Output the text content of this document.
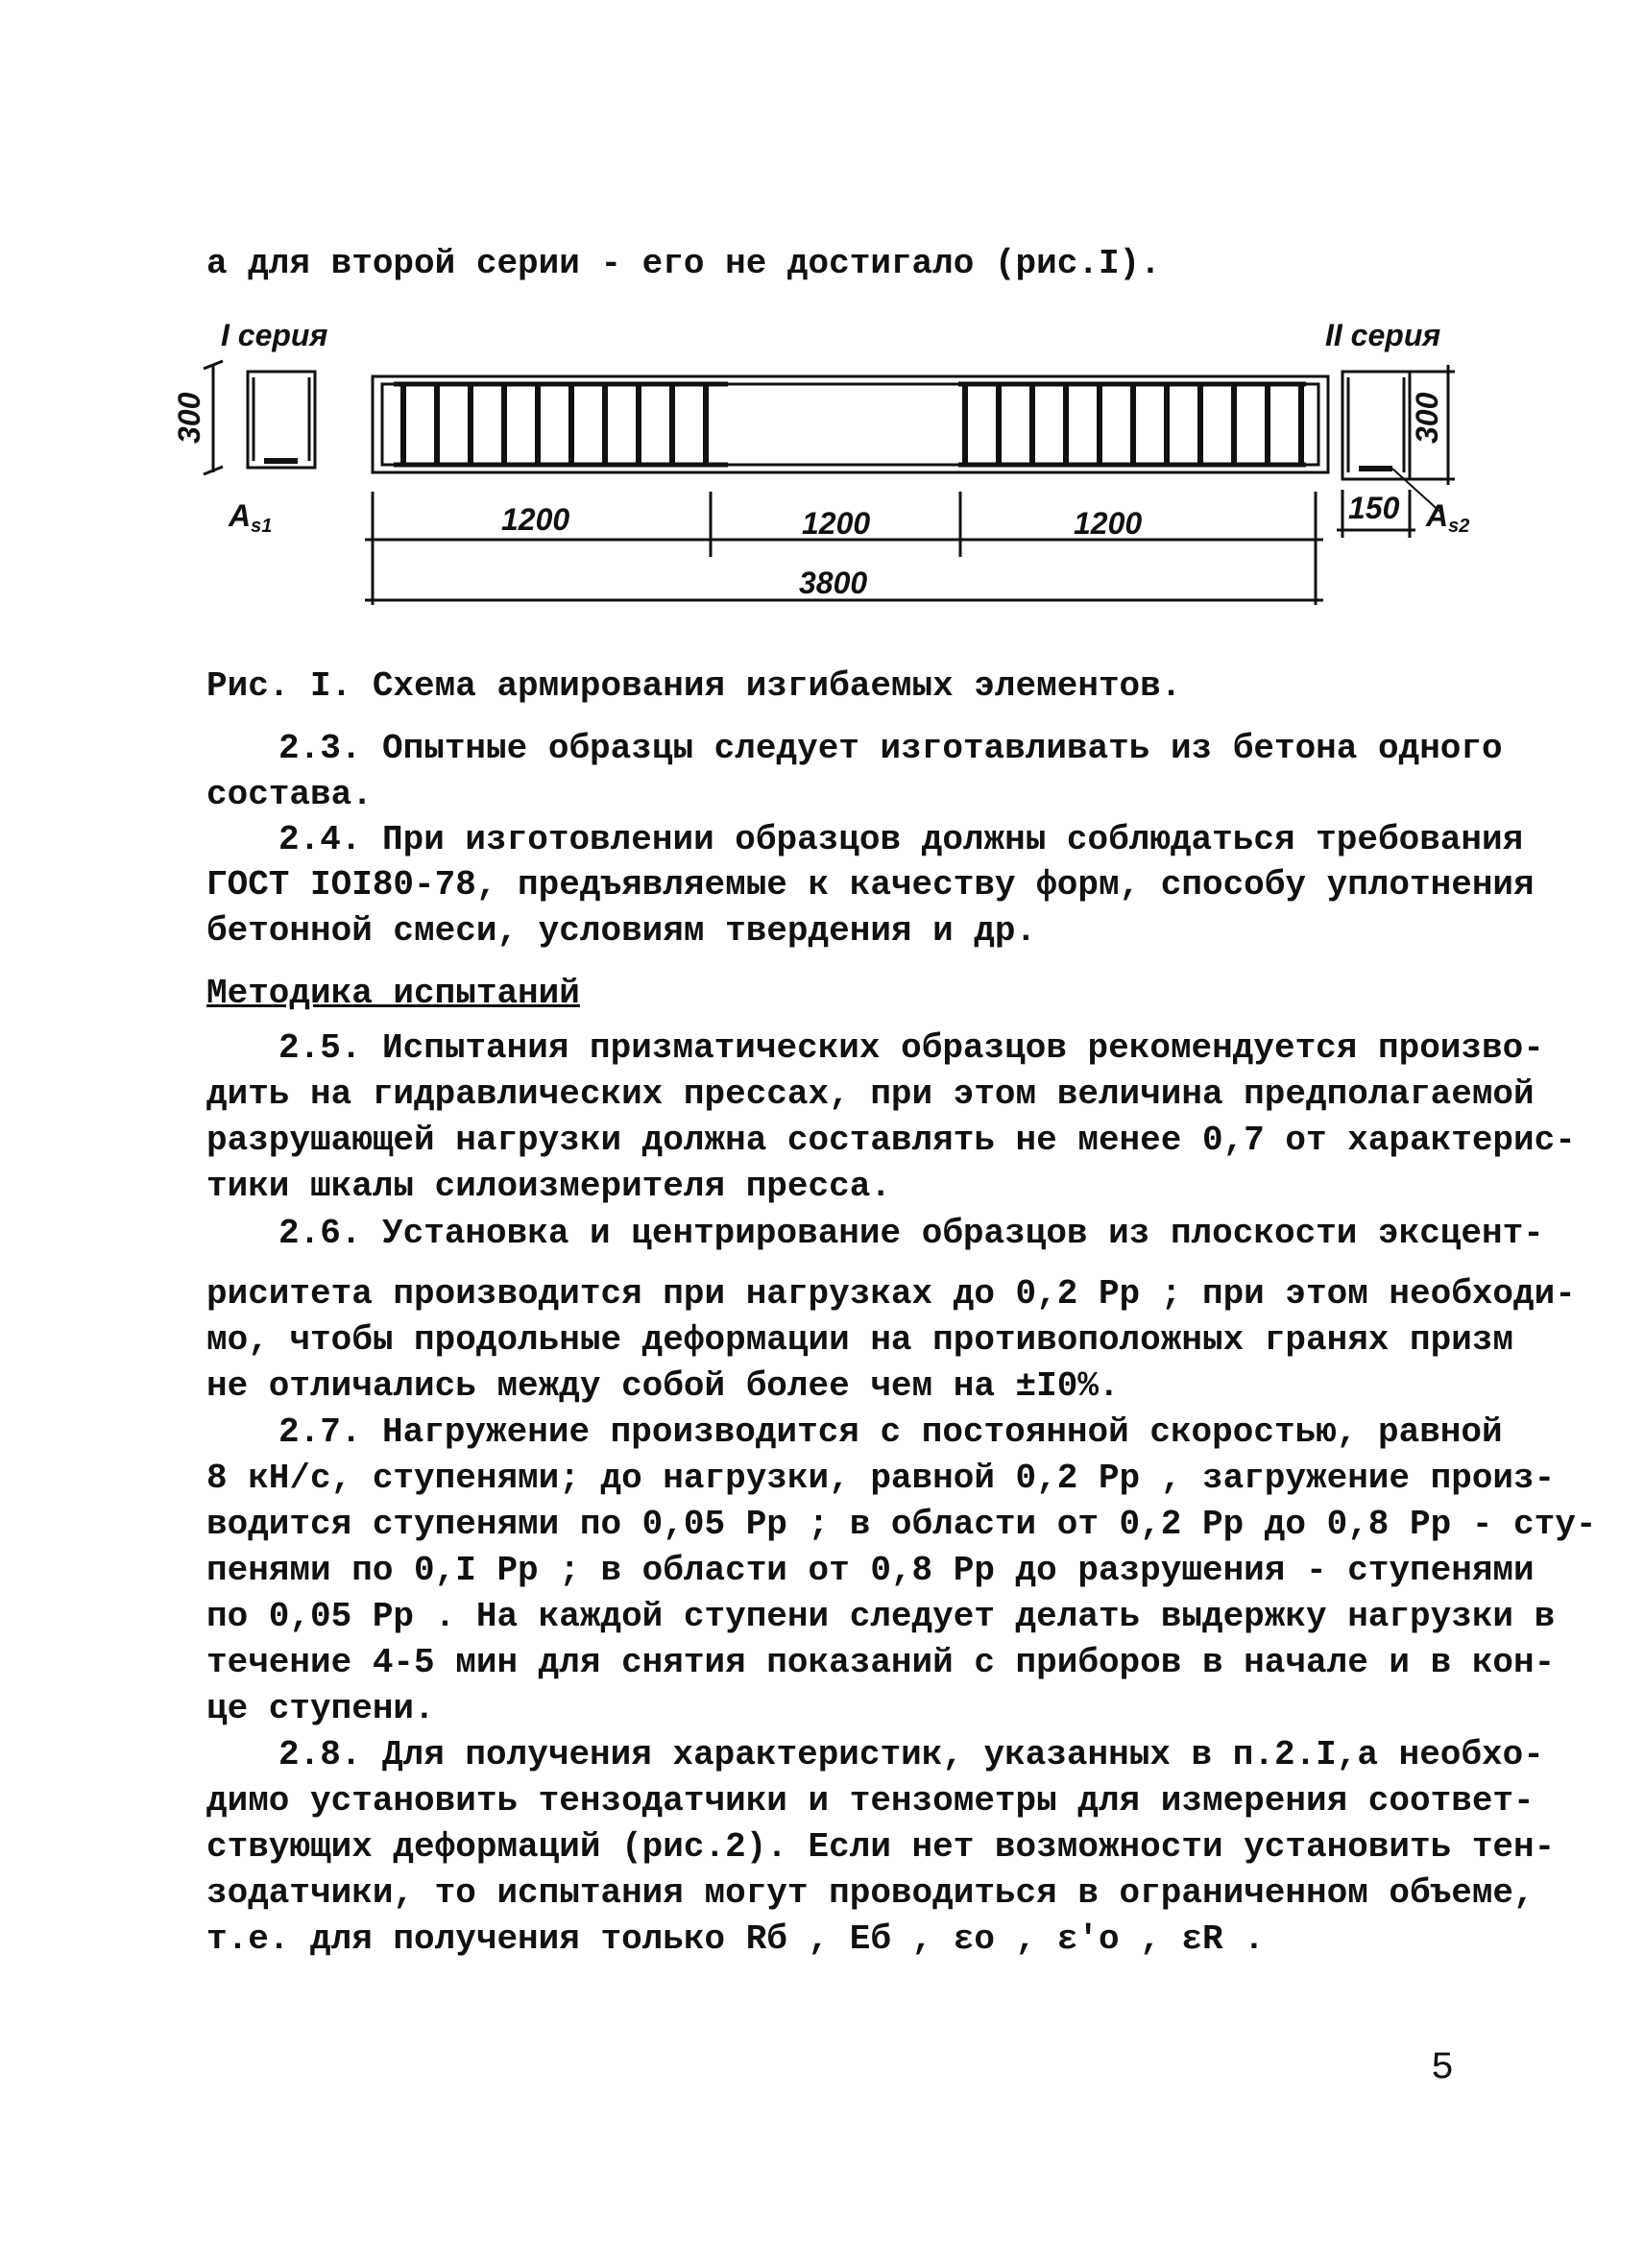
а для второй серии - его не достигало (рис.I).
I серия	II серия
300	300
150
As1	As2
1200	1200	1200
3800
Рис. I. Схема армирования изгибаемых элементов.
2.3. Опытные образцы следует изготавливать из бетона одного
состава.
2.4. При изготовлении образцов должны соблюдаться требования
ГОСТ IOI80-78, предъявляемые к качеству форм, способу уплотнения
бетонной смеси, условиям твердения и др.
Методика испытаний
2.5. Испытания призматических образцов рекомендуется произво-
дить на гидравлических прессах, при этом величина предполагаемой
разрушающей нагрузки должна составлять не менее 0,7 от характерис-
тики шкалы силоизмерителя пресса.
2.6. Установка и центрирование образцов из плоскости эксцент-
риситета производится при нагрузках до 0,2 Pp ; при этом необходи-
мо, чтобы продольные деформации на противоположных гранях призм
не отличались между собой более чем на ±I0%.
2.7. Нагружение производится с постоянной скоростью, равной
8 кН/с, ступенями; до нагрузки, равной 0,2 Pp , загружение произ-
водится ступенями по 0,05 Pp ; в области от 0,2 Pp до 0,8 Pp - сту-
пенями по 0,I Pp ; в области от 0,8 Pp до разрушения - ступенями
по 0,05 Pp . На каждой ступени следует делать выдержку нагрузки в
течение 4-5 мин для снятия показаний с приборов в начале и в кон-
це ступени.
2.8. Для получения характеристик, указанных в п.2.I,а необхо-
димо установить тензодатчики и тензометры для измерения соответ-
ствующих деформаций (рис.2). Если нет возможности установить тен-
зодатчики, то испытания могут проводиться в ограниченном объеме,
т.е. для получения только Rб , Eб , εo , ε'o , εR .
5
